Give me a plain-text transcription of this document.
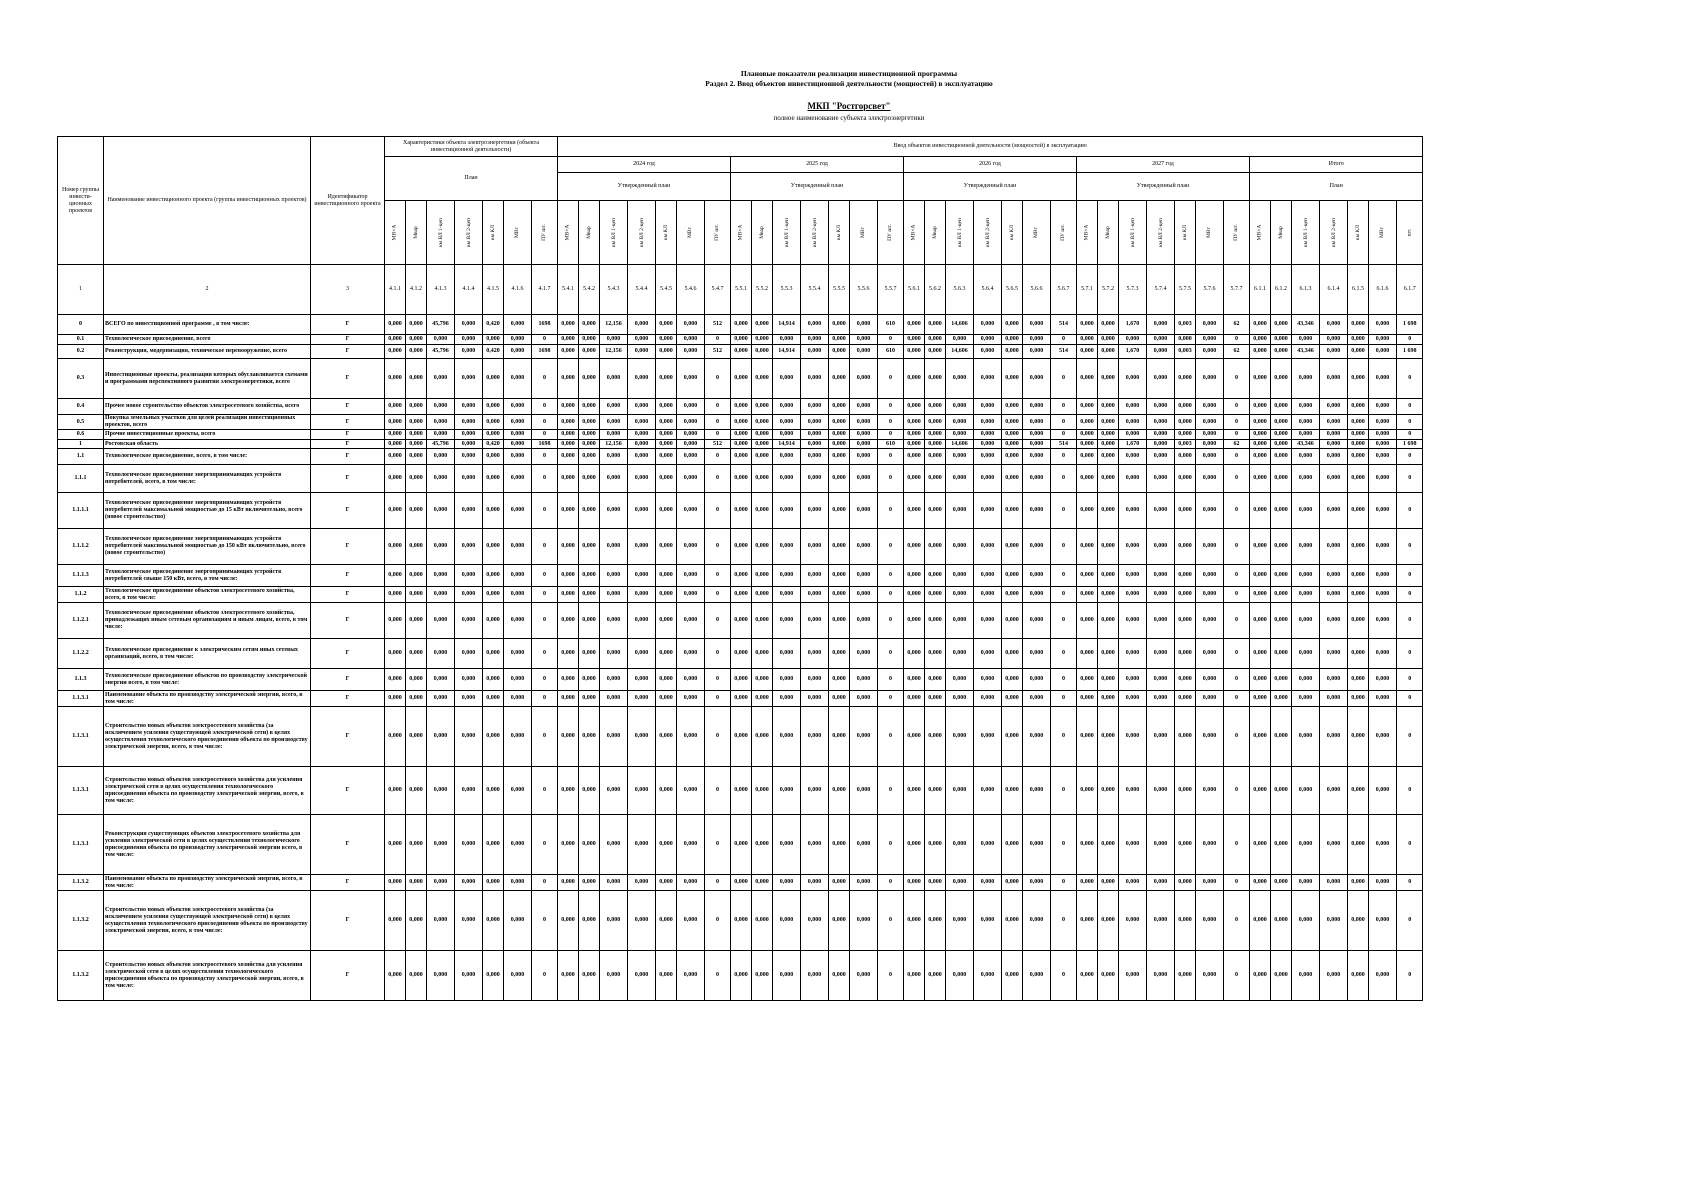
Плановые показатели реализации инвестиционной программы
Раздел 2. Ввод объектов инвестиционной деятельности (мощностей) в эксплуатацию
МКП "Ростгорсвет"
полное наименование субъекта электроэнергетики
Номер группы инвести-ционных проектов	Наименование инвестиционного проекта (группы инвестиционных проектов)	Идентификатор инвестиционного проекта	Характеристики объекта электроэнергетики (объекта инвестиционной деятельности)							Ввод объектов инвестиционной деятельности (мощностей) в эксплуатацию																																		
			План							2024 год							2025 год							2026 год							2027 год							Итого						
										Утвержденный план							Утвержденный план							Утвержденный план							Утвержденный план							План						
			МВ×А	Мвар	км ВЛ 1-цеп	км ВЛ 2-цеп	км КЛ	МВт	ПУ шт.	МВ×А	Мвар	км ВЛ 1-цеп	км ВЛ 2-цеп	км КЛ	МВт	ПУ шт.	МВ×А	Мвар	км ВЛ 1-цеп	км ВЛ 2-цеп	км КЛ	МВт	ПУ шт.	МВ×А	Мвар	км ВЛ 1-цеп	км ВЛ 2-цеп	км КЛ	МВт	ПУ шт.	МВ×А	Мвар	км ВЛ 1-цеп	км ВЛ 2-цеп	км КЛ	МВт	ПУ шт.	МВ×А	Мвар	км ВЛ 1-цеп	км ВЛ 2-цеп	км КЛ	МВт	шт.
1	2	3	4.1.1	4.1.2	4.1.3	4.1.4	4.1.5	4.1.6	4.1.7	5.4.1	5.4.2	5.4.3	5.4.4	5.4.5	5.4.6	5.4.7	5.5.1	5.5.2	5.5.3	5.5.4	5.5.5	5.5.6	5.5.7	5.6.1	5.6.2	5.6.3	5.6.4	5.6.5	5.6.6	5.6.7	5.7.1	5.7.2	5.7.3	5.7.4	5.7.5	5.7.6	5.7.7	6.1.1	6.1.2	6.1.3	6.1.4	6.1.5	6.1.6	6.1.7
0	ВСЕГО по инвестиционной программе , в том числе:	Г	0,000	0,000	45,796	0,000	0,420	0,000	1698	0,000	0,000	12,156	0,000	0,000	0,000	512	0,000	0,000	14,914	0,000	0,000	0,000	610	0,000	0,000	14,606	0,000	0,000	0,000	514	0,000	0,000	1,670	0,000	0,003	0,000	62	0,000	0,000	43,346	0,000	0,000	0,000	1 698
0.1	Технологическое присоединение, всего	Г	0,000	0,000	0,000	0,000	0,000	0,000	0	0,000	0,000	0,000	0,000	0,000	0,000	0	0,000	0,000	0,000	0,000	0,000	0,000	0	0,000	0,000	0,000	0,000	0,000	0,000	0	0,000	0,000	0,000	0,000	0,000	0,000	0	0,000	0,000	0,000	0,000	0,000	0,000	0
0.2	Реконструкция, модернизация, техническое перевооружение, всего	Г	0,000	0,000	45,796	0,000	0,420	0,000	1698	0,000	0,000	12,156	0,000	0,000	0,000	512	0,000	0,000	14,914	0,000	0,000	0,000	610	0,000	0,000	14,606	0,000	0,000	0,000	514	0,000	0,000	1,670	0,000	0,003	0,000	62	0,000	0,000	43,346	0,000	0,000	0,000	1 698
0.3	Инвестиционные проекты, реализация которых обуславливается схемами и программами перспективного развития электроэнергетики, всего	Г	0,000	0,000	0,000	0,000	0,000	0,000	0	0,000	0,000	0,000	0,000	0,000	0,000	0	0,000	0,000	0,000	0,000	0,000	0,000	0	0,000	0,000	0,000	0,000	0,000	0,000	0	0,000	0,000	0,000	0,000	0,000	0,000	0	0,000	0,000	0,000	0,000	0,000	0,000	0
0.4	Прочее новое строительство объектов электросетевого хозяйства, всего	Г	0,000	0,000	0,000	0,000	0,000	0,000	0	0,000	0,000	0,000	0,000	0,000	0,000	0	0,000	0,000	0,000	0,000	0,000	0,000	0	0,000	0,000	0,000	0,000	0,000	0,000	0	0,000	0,000	0,000	0,000	0,000	0,000	0	0,000	0,000	0,000	0,000	0,000	0,000	0
0.5	Покупка земельных участков для целей реализации инвестиционных проектов, всего	Г	0,000	0,000	0,000	0,000	0,000	0,000	0	0,000	0,000	0,000	0,000	0,000	0,000	0	0,000	0,000	0,000	0,000	0,000	0,000	0	0,000	0,000	0,000	0,000	0,000	0,000	0	0,000	0,000	0,000	0,000	0,000	0,000	0	0,000	0,000	0,000	0,000	0,000	0,000	0
0.6	Прочие инвестиционные проекты, всего	Г	0,000	0,000	0,000	0,000	0,000	0,000	0	0,000	0,000	0,000	0,000	0,000	0,000	0	0,000	0,000	0,000	0,000	0,000	0,000	0	0,000	0,000	0,000	0,000	0,000	0,000	0	0,000	0,000	0,000	0,000	0,000	0,000	0	0,000	0,000	0,000	0,000	0,000	0,000	0
1	Ростовская область	Г	0,000	0,000	45,796	0,000	0,420	0,000	1698	0,000	0,000	12,156	0,000	0,000	0,000	512	0,000	0,000	14,914	0,000	0,000	0,000	610	0,000	0,000	14,606	0,000	0,000	0,000	514	0,000	0,000	1,670	0,000	0,003	0,000	62	0,000	0,000	43,346	0,000	0,000	0,000	1 698
1.1	Технологическое присоединение, всего, в том числе:	Г	0,000	0,000	0,000	0,000	0,000	0,000	0	0,000	0,000	0,000	0,000	0,000	0,000	0	0,000	0,000	0,000	0,000	0,000	0,000	0	0,000	0,000	0,000	0,000	0,000	0,000	0	0,000	0,000	0,000	0,000	0,000	0,000	0	0,000	0,000	0,000	0,000	0,000	0,000	0
1.1.1	Технологическое присоединение энергопринимающих устройств потребителей, всего, в том числе:	Г	0,000	0,000	0,000	0,000	0,000	0,000	0	0,000	0,000	0,000	0,000	0,000	0,000	0	0,000	0,000	0,000	0,000	0,000	0,000	0	0,000	0,000	0,000	0,000	0,000	0,000	0	0,000	0,000	0,000	0,000	0,000	0,000	0	0,000	0,000	0,000	0,000	0,000	0,000	0
1.1.1.1	Технологическое присоединение энергопринимающих устройств потребителей максимальной мощностью до 15 кВт включительно, всего (новое строительство)	Г	0,000	0,000	0,000	0,000	0,000	0,000	0	0,000	0,000	0,000	0,000	0,000	0,000	0	0,000	0,000	0,000	0,000	0,000	0,000	0	0,000	0,000	0,000	0,000	0,000	0,000	0	0,000	0,000	0,000	0,000	0,000	0,000	0	0,000	0,000	0,000	0,000	0,000	0,000	0
1.1.1.2	Технологическое присоединение энергопринимающих устройств потребителей максимальной мощностью до 150 кВт включительно, всего (новое строительство)	Г	0,000	0,000	0,000	0,000	0,000	0,000	0	0,000	0,000	0,000	0,000	0,000	0,000	0	0,000	0,000	0,000	0,000	0,000	0,000	0	0,000	0,000	0,000	0,000	0,000	0,000	0	0,000	0,000	0,000	0,000	0,000	0,000	0	0,000	0,000	0,000	0,000	0,000	0,000	0
1.1.1.3	Технологическое присоединение энергопринимающих устройств потребителей свыше 150 кВт, всего, в том числе:	Г	0,000	0,000	0,000	0,000	0,000	0,000	0	0,000	0,000	0,000	0,000	0,000	0,000	0	0,000	0,000	0,000	0,000	0,000	0,000	0	0,000	0,000	0,000	0,000	0,000	0,000	0	0,000	0,000	0,000	0,000	0,000	0,000	0	0,000	0,000	0,000	0,000	0,000	0,000	0
1.1.2	Технологическое присоединение объектов электросетевого хозяйства, всего, в том числе:	Г	0,000	0,000	0,000	0,000	0,000	0,000	0	0,000	0,000	0,000	0,000	0,000	0,000	0	0,000	0,000	0,000	0,000	0,000	0,000	0	0,000	0,000	0,000	0,000	0,000	0,000	0	0,000	0,000	0,000	0,000	0,000	0,000	0	0,000	0,000	0,000	0,000	0,000	0,000	0
1.1.2.1	Технологическое присоединение объектов электросетевого хозяйства, принадлежащих иным сетевым организациям и иным лицам, всего, в том числе:	Г	0,000	0,000	0,000	0,000	0,000	0,000	0	0,000	0,000	0,000	0,000	0,000	0,000	0	0,000	0,000	0,000	0,000	0,000	0,000	0	0,000	0,000	0,000	0,000	0,000	0,000	0	0,000	0,000	0,000	0,000	0,000	0,000	0	0,000	0,000	0,000	0,000	0,000	0,000	0
1.1.2.2	Технологическое присоединение к электрическим сетям иных сетевых организаций, всего, в том числе:	Г	0,000	0,000	0,000	0,000	0,000	0,000	0	0,000	0,000	0,000	0,000	0,000	0,000	0	0,000	0,000	0,000	0,000	0,000	0,000	0	0,000	0,000	0,000	0,000	0,000	0,000	0	0,000	0,000	0,000	0,000	0,000	0,000	0	0,000	0,000	0,000	0,000	0,000	0,000	0
1.1.3	Технологическое присоединение объектов по производству электрической энергии всего, в том числе:	Г	0,000	0,000	0,000	0,000	0,000	0,000	0	0,000	0,000	0,000	0,000	0,000	0,000	0	0,000	0,000	0,000	0,000	0,000	0,000	0	0,000	0,000	0,000	0,000	0,000	0,000	0	0,000	0,000	0,000	0,000	0,000	0,000	0	0,000	0,000	0,000	0,000	0,000	0,000	0
1.1.3.1	Наименование объекта по производству электрической энергии, всего, в том числе:	Г	0,000	0,000	0,000	0,000	0,000	0,000	0	0,000	0,000	0,000	0,000	0,000	0,000	0	0,000	0,000	0,000	0,000	0,000	0,000	0	0,000	0,000	0,000	0,000	0,000	0,000	0	0,000	0,000	0,000	0,000	0,000	0,000	0	0,000	0,000	0,000	0,000	0,000	0,000	0
1.1.3.1	Строительство новых объектов электросетевого хозяйства (за исключением усиления существующей электрической сети) в целях осуществления технологического присоединения объекта по производству электрической энергии, всего, в том числе:	Г	0,000	0,000	0,000	0,000	0,000	0,000	0	0,000	0,000	0,000	0,000	0,000	0,000	0	0,000	0,000	0,000	0,000	0,000	0,000	0	0,000	0,000	0,000	0,000	0,000	0,000	0	0,000	0,000	0,000	0,000	0,000	0,000	0	0,000	0,000	0,000	0,000	0,000	0,000	0
1.1.3.1	Строительство новых объектов электросетевого хозяйства для усиления электрической сети в целях осуществления технологического присоединения объекта по производству электрической энергии, всего, в том числе:	Г	0,000	0,000	0,000	0,000	0,000	0,000	0	0,000	0,000	0,000	0,000	0,000	0,000	0	0,000	0,000	0,000	0,000	0,000	0,000	0	0,000	0,000	0,000	0,000	0,000	0,000	0	0,000	0,000	0,000	0,000	0,000	0,000	0	0,000	0,000	0,000	0,000	0,000	0,000	0
1.1.3.1	Реконструкция существующих объектов электросетевого хозяйства для усиления электрической сети в целях осуществления технологического присоединения объекта по производству электрической энергии всего, в том числе:	Г	0,000	0,000	0,000	0,000	0,000	0,000	0	0,000	0,000	0,000	0,000	0,000	0,000	0	0,000	0,000	0,000	0,000	0,000	0,000	0	0,000	0,000	0,000	0,000	0,000	0,000	0	0,000	0,000	0,000	0,000	0,000	0,000	0	0,000	0,000	0,000	0,000	0,000	0,000	0
1.1.3.2	Наименование объекта по производству электрической энергии, всего, в том числе:	Г	0,000	0,000	0,000	0,000	0,000	0,000	0	0,000	0,000	0,000	0,000	0,000	0,000	0	0,000	0,000	0,000	0,000	0,000	0,000	0	0,000	0,000	0,000	0,000	0,000	0,000	0	0,000	0,000	0,000	0,000	0,000	0,000	0	0,000	0,000	0,000	0,000	0,000	0,000	0
1.1.3.2	Строительство новых объектов электросетевого хозяйства (за исключением усиления существующей электрической сети) в целях осуществления технологического присоединения объекта по производству электрической энергии, всего, в том числе:	Г	0,000	0,000	0,000	0,000	0,000	0,000	0	0,000	0,000	0,000	0,000	0,000	0,000	0	0,000	0,000	0,000	0,000	0,000	0,000	0	0,000	0,000	0,000	0,000	0,000	0,000	0	0,000	0,000	0,000	0,000	0,000	0,000	0	0,000	0,000	0,000	0,000	0,000	0,000	0
1.1.3.2	Строительство новых объектов электросетевого хозяйства для усиления электрической сети в целях осуществления технологического присоединения объекта по производству электрической энергии, всего, в том числе:	Г	0,000	0,000	0,000	0,000	0,000	0,000	0	0,000	0,000	0,000	0,000	0,000	0,000	0	0,000	0,000	0,000	0,000	0,000	0,000	0	0,000	0,000	0,000	0,000	0,000	0,000	0	0,000	0,000	0,000	0,000	0,000	0,000	0	0,000	0,000	0,000	0,000	0,000	0,000	0
